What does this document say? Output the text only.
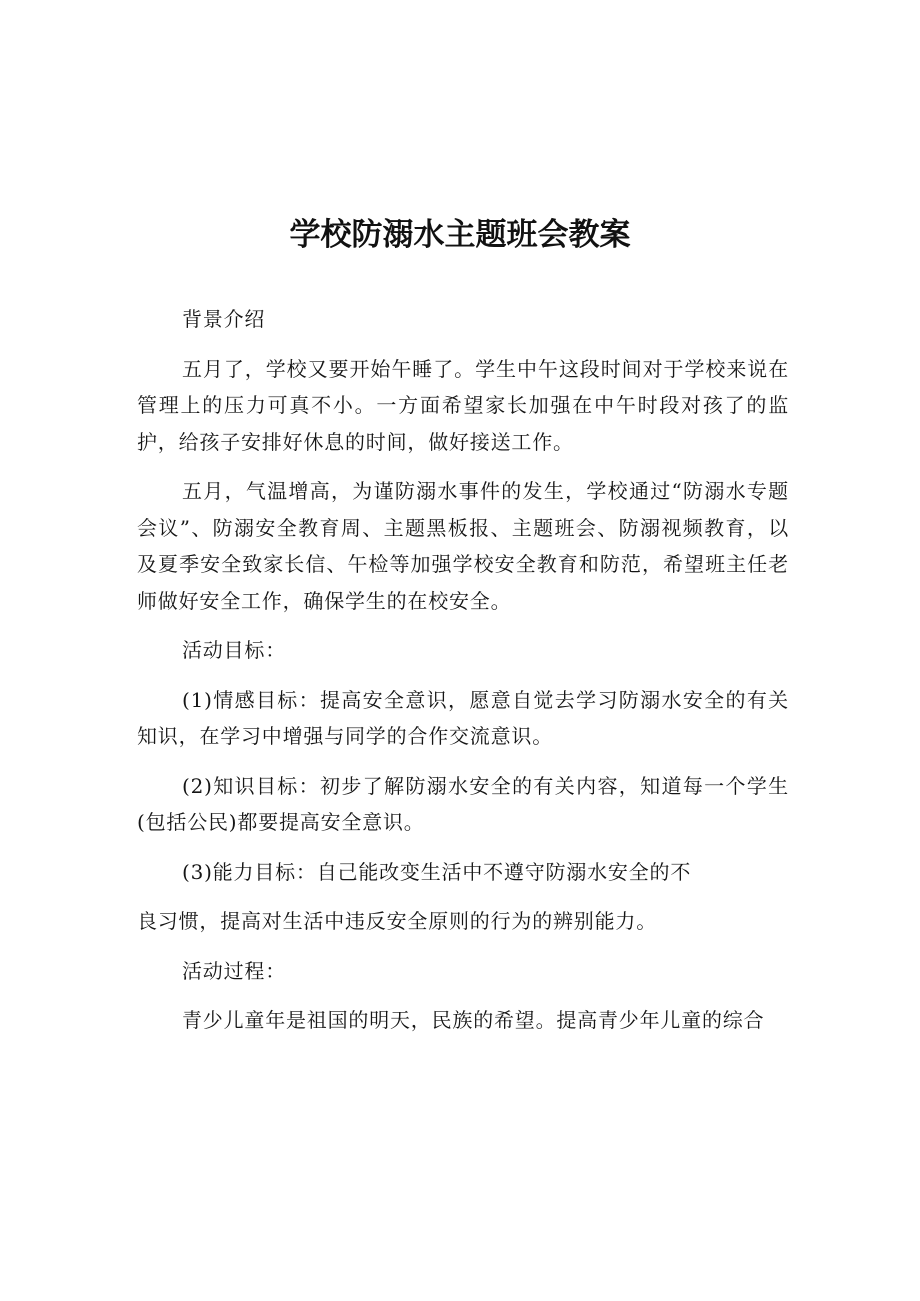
学校防溺水主题班会教案

背景介绍

五月了，学校又要开始午睡了。学生中午这段时间对于学校来说在管理上的压力可真不小。一方面希望家长加强在中午时段对孩了的监护，给孩子安排好休息的时间，做好接送工作。

五月，气温增高，为谨防溺水事件的发生，学校通过“防溺水专题会议”、防溺安全教育周、主题黑板报、主题班会、防溺视频教育，以及夏季安全致家长信、午检等加强学校安全教育和防范，希望班主任老师做好安全工作，确保学生的在校安全。

活动目标：

(1)情感目标：提高安全意识，愿意自觉去学习防溺水安全的有关知识，在学习中增强与同学的合作交流意识。

(2)知识目标：初步了解防溺水安全的有关内容，知道每一个学生(包括公民)都要提高安全意识。

(3)能力目标：自己能改变生活中不遵守防溺水安全的不
良习惯，提高对生活中违反安全原则的行为的辨别能力。

活动过程：

青少儿童年是祖国的明天，民族的希望。提高青少年儿童的综合
